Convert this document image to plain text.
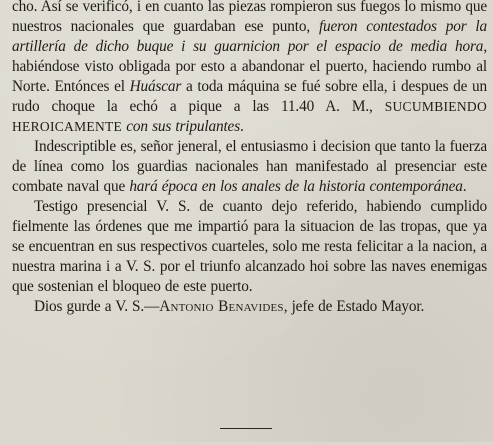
cho. Así se verificó, i en cuanto las piezas rompieron sus fuegos lo mismo que nuestros nacionales que guardaban ese punto, fueron contestados por la artillería de dicho buque i su guarnicion por el espacio de media hora, habiéndose visto obligada por esto a abandonar el puerto, haciendo rumbo al Norte. Entónces el Huáscar a toda máquina se fué sobre ella, i despues de un rudo choque la echó a pique a las 11.40 A. M., SUCUMBIENDO HEROICAMENTE con sus tripulantes.

Indescriptible es, señor jeneral, el entusiasmo i decision que tanto la fuerza de línea como los guardias nacionales han manifestado al presenciar este combate naval que hará época en los anales de la historia contemporánea.

Testigo presencial V. S. de cuanto dejo referido, habiendo cumplido fielmente las órdenes que me impartió para la situacion de las tropas, que ya se encuentran en sus respectivos cuarteles, solo me resta felicitar a la nacion, a nuestra marina i a V. S. por el triunfo alcanzado hoi sobre las naves enemigas que sostenian el bloqueo de este puerto.

Dios gurde a V. S.—Antonio Benavides, jefe de Estado Mayor.
